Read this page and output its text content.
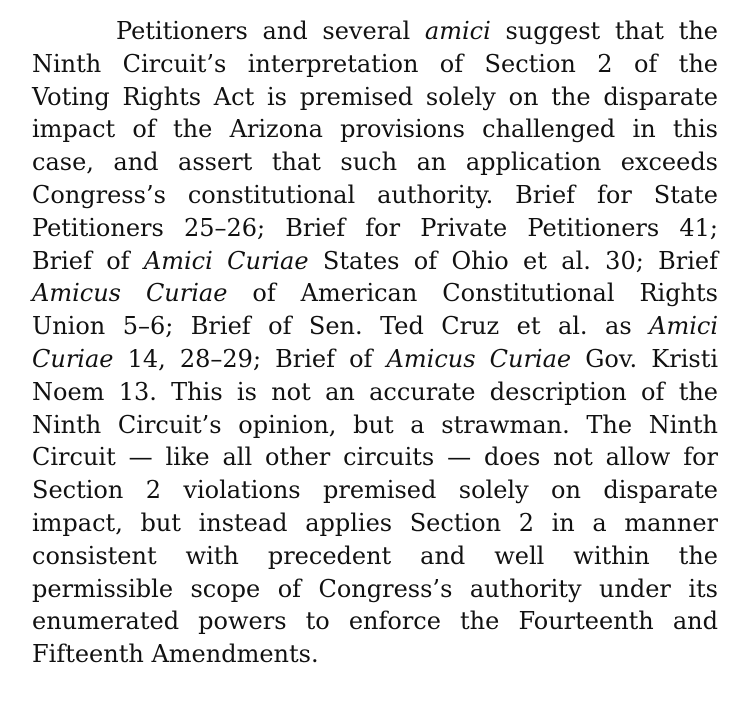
Petitioners and several amici suggest that the
Ninth Circuit’s interpretation of Section 2 of the
Voting Rights Act is premised solely on the disparate
impact of the Arizona provisions challenged in this
case, and assert that such an application exceeds
Congress’s constitutional authority. Brief for State
Petitioners 25–26; Brief for Private Petitioners 41;
Brief of Amici Curiae States of Ohio et al. 30; Brief
Amicus Curiae of American Constitutional Rights
Union 5–6; Brief of Sen. Ted Cruz et al. as Amici
Curiae 14, 28–29; Brief of Amicus Curiae Gov. Kristi
Noem 13. This is not an accurate description of the
Ninth Circuit’s opinion, but a strawman. The Ninth
Circuit — like all other circuits — does not allow for
Section 2 violations premised solely on disparate
impact, but instead applies Section 2 in a manner
consistent with precedent and well within the
permissible scope of Congress’s authority under its
enumerated powers to enforce the Fourteenth and
Fifteenth Amendments.
